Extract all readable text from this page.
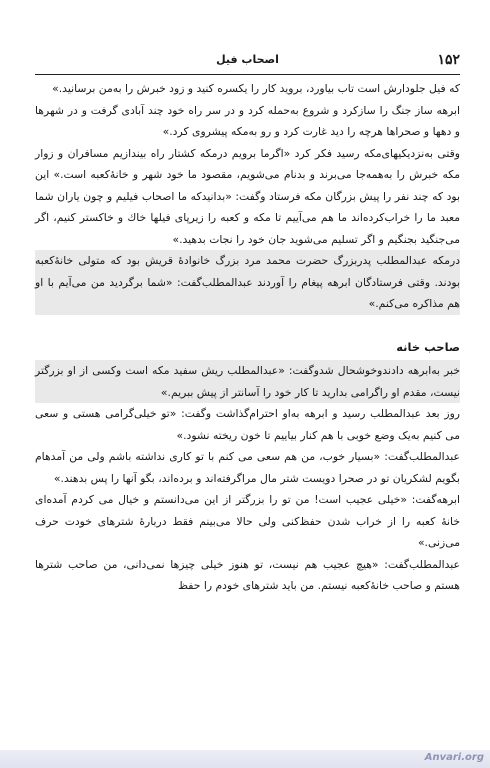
۱۵۲
اصحاب فیل

که فیل جلودارش است تاب بیاورد، بروید کار را یکسره کنید و زود خبرش را به‌من برسانید.»

ابرهه ساز جنگ را سازکرد و شروع به‌حمله کرد و در سر راه خود چند آبادی گرفت و در شهرها و دهها و صحراها هرچه را دید غارت کرد و رو به‌مکه پیشروی کرد.»

وقتی به‌نزدیکیهای‌مکه رسید فکر کرد «اگرما برویم درمکه کشتار راه بیندازیم مسافران و زوار مکه خبرش را به‌همه‌جا می‌برند و بدنام می‌شویم، مقصود ما خود شهر و خانهٔ‌کعبه است.» این بود که چند نفر را پیش بزرگان مکه فرستاد وگفت: «بدانیدکه ما اصحاب فیلیم و چون یاران شما معبد ما را خراب‌کرده‌اند ما هم می‌آییم تا مکه و کعبه را زیرپای فیلها خاك و خاکستر کنیم، اگر می‌جنگید بجنگیم و اگر تسلیم می‌شوید جان خود را نجات بدهید.»

درمکه عبدالمطلب پدربزرگ حضرت محمد مرد بزرگ خانوادهٔ قریش بود که متولی خانهٔ‌کعبه بودند. وقتی فرستادگان ابرهه پیغام را آوردند عبدالمطلب‌گفت: «شما برگردید من می‌آیم با او هم مذاکره می‌کنم.»

صاحب خانه

خبر به‌ابرهه دادندوخوشحال شدوگفت: «عبدالمطلب ریش سفید مکه است وکسی از او بزرگتر نیست، مقدم او راگرامی بدارید تا کار خود را آسانتر از پیش ببریم.»

روز بعد عبدالمطلب رسید و ابرهه به‌او احترام‌گذاشت وگفت: «تو خیلی‌گرامی هستی و سعی می کنیم به‌یک وضع خوبی با هم کنار بیاییم تا خون ریخته نشود.»

عبدالمطلب‌گفت: «بسیار خوب، من هم سعی می کنم با تو کاری نداشته باشم ولی من آمدهام بگویم لشکریان تو در صحرا دویست شتر مال مراگرفته‌اند و برده‌اند، بگو آنها را پس بدهند.»

ابرهه‌گفت: «خیلی عجیب است! من تو را بزرگتر از این می‌دانستم و خیال می کردم آمده‌ای خانهٔ کعبه را از خراب شدن حفظ‌کنی ولی حالا می‌بینم فقط دربارهٔ شترهای خودت حرف می‌زنی.»

عبدالمطلب‌گفت: «هیچ عجیب هم نیست، تو هنوز خیلی چیزها نمی‌دانی، من صاحب شترها هستم و صاحب خانهٔ‌کعبه نیستم. من باید شترهای خودم را حفظ

Anvari.org
